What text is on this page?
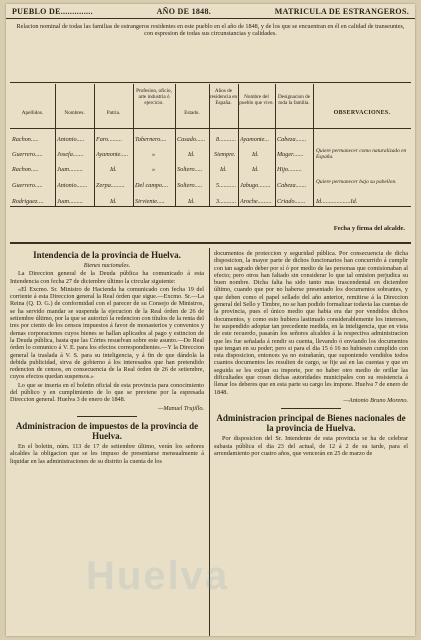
PUEBLO DE..............	AÑO DE 1848.	MATRICULA DE ESTRANGEROS.
Relacion nominal de todas las familias de estrangeros residentes en este pueblo en el año de 1848, y de los que se encuentran en él en calidad de transeuntes, con espresion de todas sus circunstancias y calidades.
Apellidos.	Nombres.	Patria.
Profesion, oficio, arte industria ó ejercicio.
Estado.
Años de residencia en España.
Nombre del pueblo que vive.
Designacion de toda la familia.
OBSERVACIONES.
Rachon.....	Antonio..... Faro......... Tabernero.... Casado...... 8........... Ayamonte... Cabeza.......
Guerrero..... Josefa....... Ayamonte.....	»	Id.	Siempre.	Id.	Muger....... Quiere permanecer como naturalizado en España.
Rachon.....	Juan.........	Id.	»	Soltero.....	Id.	Id.	Hijo.........
Guerrero..... Antonio....... Zerpa......... Del campo.... Soltero..... 5........... Jabugo........ Cabeza....... Quiere permanecer bajo su pabellon.
Rodriguez.... Juan.........	Id.	Sirviente.....	Id.	3........... Aroche......... Criado....... Id...................Id.
Fecha y firma del alcalde.
Intendencia de la provincia de Huelva.
Bienes nacionales.
La Direccion general de la Deuda pública ha comunicado á esta Intendencia con fecha 27 de diciembre último la circular siguiente:
«El Excmo. Sr. Ministro de Hacienda ha comunicado con fecha 19 del corriente á esta Direccion general la Real órden que sigue.—Excmo. Sr.—La Reina (Q. D. G.) de conformidad con el parecer de su Consejo de Ministros, se ha servido mandar se suspenda la ejecucion de la Real órden de 26 de setiembre último, por la que se autorizó la redencion con títulos de la renta del tres por ciento de los censos impuestos á favor de monasterios y conventos y demas corporaciones cuyos bienes se hallan aplicados al pago y estincion de la Deuda pública, hasta que las Córtes resuelvan sobre este asunto.—De Real órden lo comunico á V. E. para los efectos correspondientes.—Y la Direccion general la traslada á V. S. para su inteligencia, y á fin de que dándola la debida publicidad, sirva de gobierno á los interesados que han pretendido redencion de censos, en consecuencia de la Real órden de 26 de setiembre, cuyos efectos quedan suspensos.»
Lo que se inserta en el boletin oficial de esta provincia para conocimiento del público y en cumplimiento de lo que se previene por la espresada Direccion general. Huelva 3 de enero de 1848.
—Manuel Trujillo.
Administracion de impuestos de la provincia de Huelva.
En el boletin, núm. 113 de 17 de setiembre último, verán los señores alcaldes la obligacion que se les impuso de presentarse mensualmente á liquidar en las administraciones de su distrito la cuenta de los
documentos de proteccion y seguridad pública. Por consecuencia de dicha disposicion, la mayor parte de dichos funcionarios han concurrido á cumplir con tan sagrado deber por sí ó por medio de las personas que comisionaban al efecto; pero otros han faltado sin considerar lo que tal omision perjudica su buen nombre. Dicha falta ha sido tanto mas trascendental en diciembre último, cuando que por no haberse presentado los documentos sobrantes, y que deben como el papel sellado del año anterior, remitirse á la Direccion general del Sello y Timbre, no se han podido formalizar todavia las cuentas de la provincia, pues el único medio que habia era dar por vendidos dichos documentos, y como esto hubiera lastimado considerablemente los intereses, he suspendido adoptar tan precedente medida, en la inteligencia, que en vista de este recuerdo, pasarán los señores alcaldes á la respectiva administracion que les fue señalada á rendir su cuenta, llevando ó enviando los documentos que tengan en su poder; pero si para el dia 15 ó 16 no hubiesen cumplido con esta disposicion, entonces ya no estrañarán, que suponiendo vendidos todos cuantos documentos les resulten de cargo, se fije así en las cuentas y que en seguida se les exijan su importe, por no haber otro medio de orillar las dificultades que crean dichas autoridades municipales con su resistencia á llenar los deberes que en esta parte su cargo les impone. Huelva 7 de enero de 1848.
—Antonio Bruno Moreno.
Administracion principal de Bienes nacionales de la provincia de Huelva.
Por disposicion del Sr. Intendente de esta provincia se ha de celebrar subasta pública el dia 23 del actual, de 12 á 2 de su tarde, para el arrendamiento por cuatro años, que vencerán en 25 de marzo de
Huelva
